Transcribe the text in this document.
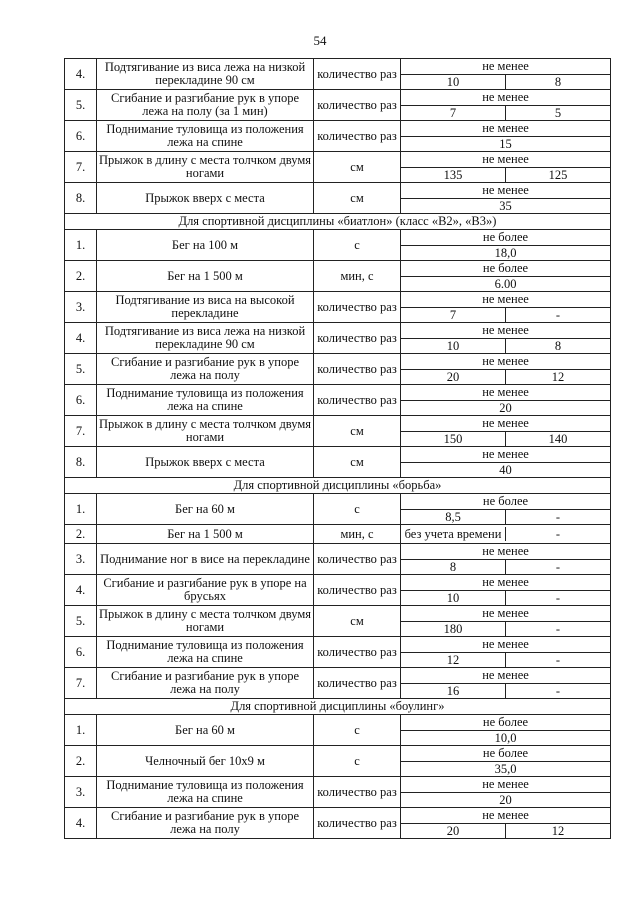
54
4.	Подтягивание из виса лежа на низкой перекладине 90 см	количество раз	не менее
10 8

5.	Сгибание и разгибание рук в упоре лежа на полу (за 1 мин)	количество раз	не менее
7 5

6.	Поднимание туловища из положения лежа на спине	количество раз	не менее
15

7.	Прыжок в длину с места толчком двумя ногами	см	не менее
135 125

8.	Прыжок вверх с места	см	не менее
35

Для спортивной дисциплины «биатлон» (класс «В2», «В3»)			
1.	Бег на 100 м	с	не более
18,0

2.	Бег на 1 500 м	мин, с	не более
6.00

3.	Подтягивание из виса на высокой перекладине	количество раз	не менее
7 -

4.	Подтягивание из виса лежа на низкой перекладине 90 см	количество раз	не менее
10 8

5.	Сгибание и разгибание рук в упоре лежа на полу	количество раз	не менее
20 12

6.	Поднимание туловища из положения лежа на спине	количество раз	не менее
20

7.	Прыжок в длину с места толчком двумя ногами	см	не менее
150 140

8.	Прыжок вверх с места	см	не менее
40

Для спортивной дисциплины «борьба»			
1.	Бег на 60 м	с	не более
8,5 -

2.	Бег на 1 500 м	мин, с	без учета времени -

3.	Поднимание ног в висе на перекладине	количество раз	не менее
8 -

4.	Сгибание и разгибание рук в упоре на брусьях	количество раз	не менее
10 -

5.	Прыжок в длину с места толчком двумя ногами	см	не менее
180 -

6.	Поднимание туловища из положения лежа на спине	количество раз	не менее
12 -

7.	Сгибание и разгибание рук в упоре лежа на полу	количество раз	не менее
16 -

Для спортивной дисциплины «боулинг»			
1.	Бег на 60 м	с	не более
10,0

2.	Челночный бег 10х9 м	с	не более
35,0

3.	Поднимание туловища из положения лежа на спине	количество раз	не менее
20

4.	Сгибание и разгибание рук в упоре лежа на полу	количество раз	не менее
20 12
